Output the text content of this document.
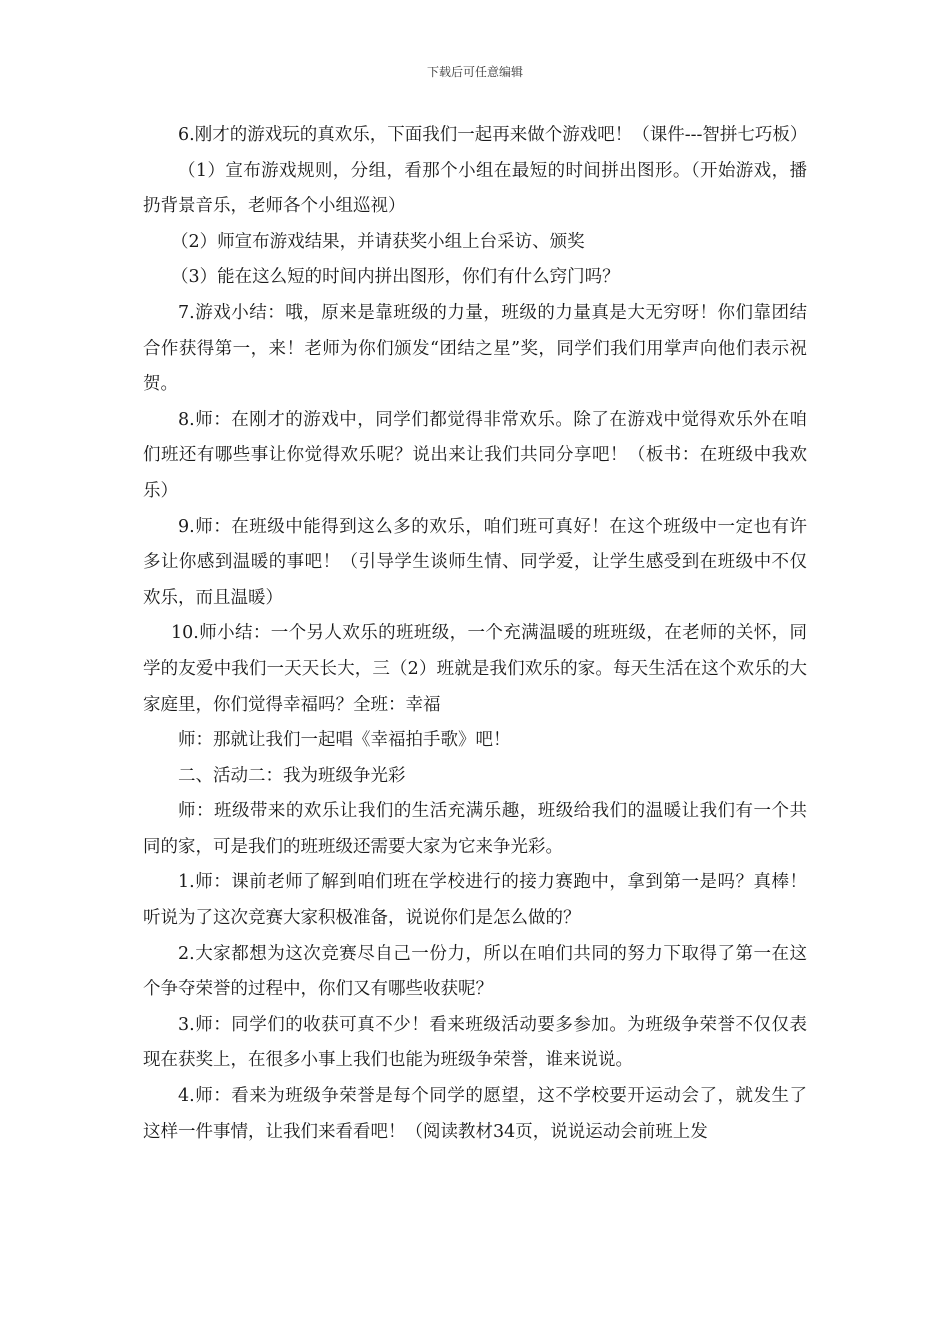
下载后可任意编辑

6.刚才的游戏玩的真欢乐，下面我们一起再来做个游戏吧！（课件---智拼七巧板）

（1）宣布游戏规则，分组，看那个小组在最短的时间拼出图形。（开始游戏，播扔背景音乐，老师各个小组巡视）

（2）师宣布游戏结果，并请获奖小组上台采访、颁奖

（3）能在这么短的时间内拼出图形，你们有什么窍门吗？

7.游戏小结：哦，原来是靠班级的力量，班级的力量真是大无穷呀！你们靠团结合作获得第一，来！老师为你们颁发“团结之星”奖，同学们我们用掌声向他们表示祝贺。

8.师：在刚才的游戏中，同学们都觉得非常欢乐。除了在游戏中觉得欢乐外在咱们班还有哪些事让你觉得欢乐呢？说出来让我们共同分享吧！（板书：在班级中我欢乐）

9.师：在班级中能得到这么多的欢乐，咱们班可真好！在这个班级中一定也有许多让你感到温暖的事吧！（引导学生谈师生情、同学爱，让学生感受到在班级中不仅欢乐，而且温暖）

10.师小结：一个另人欢乐的班班级，一个充满温暖的班班级，在老师的关怀，同学的友爱中我们一天天长大，三（2）班就是我们欢乐的家。每天生活在这个欢乐的大家庭里，你们觉得幸福吗？全班：幸福

师：那就让我们一起唱《幸福拍手歌》吧！

二、活动二：我为班级争光彩

师：班级带来的欢乐让我们的生活充满乐趣，班级给我们的温暖让我们有一个共同的家，可是我们的班班级还需要大家为它来争光彩。

1.师：课前老师了解到咱们班在学校进行的接力赛跑中，拿到第一是吗？真棒！听说为了这次竞赛大家积极准备，说说你们是怎么做的？

2.大家都想为这次竞赛尽自己一份力，所以在咱们共同的努力下取得了第一在这个争夺荣誉的过程中，你们又有哪些收获呢？

3.师：同学们的收获可真不少！看来班级活动要多参加。为班级争荣誉不仅仅表现在获奖上，在很多小事上我们也能为班级争荣誉，谁来说说。

4.师：看来为班级争荣誉是每个同学的愿望，这不学校要开运动会了，就发生了这样一件事情，让我们来看看吧！（阅读教材34页，说说运动会前班上发
